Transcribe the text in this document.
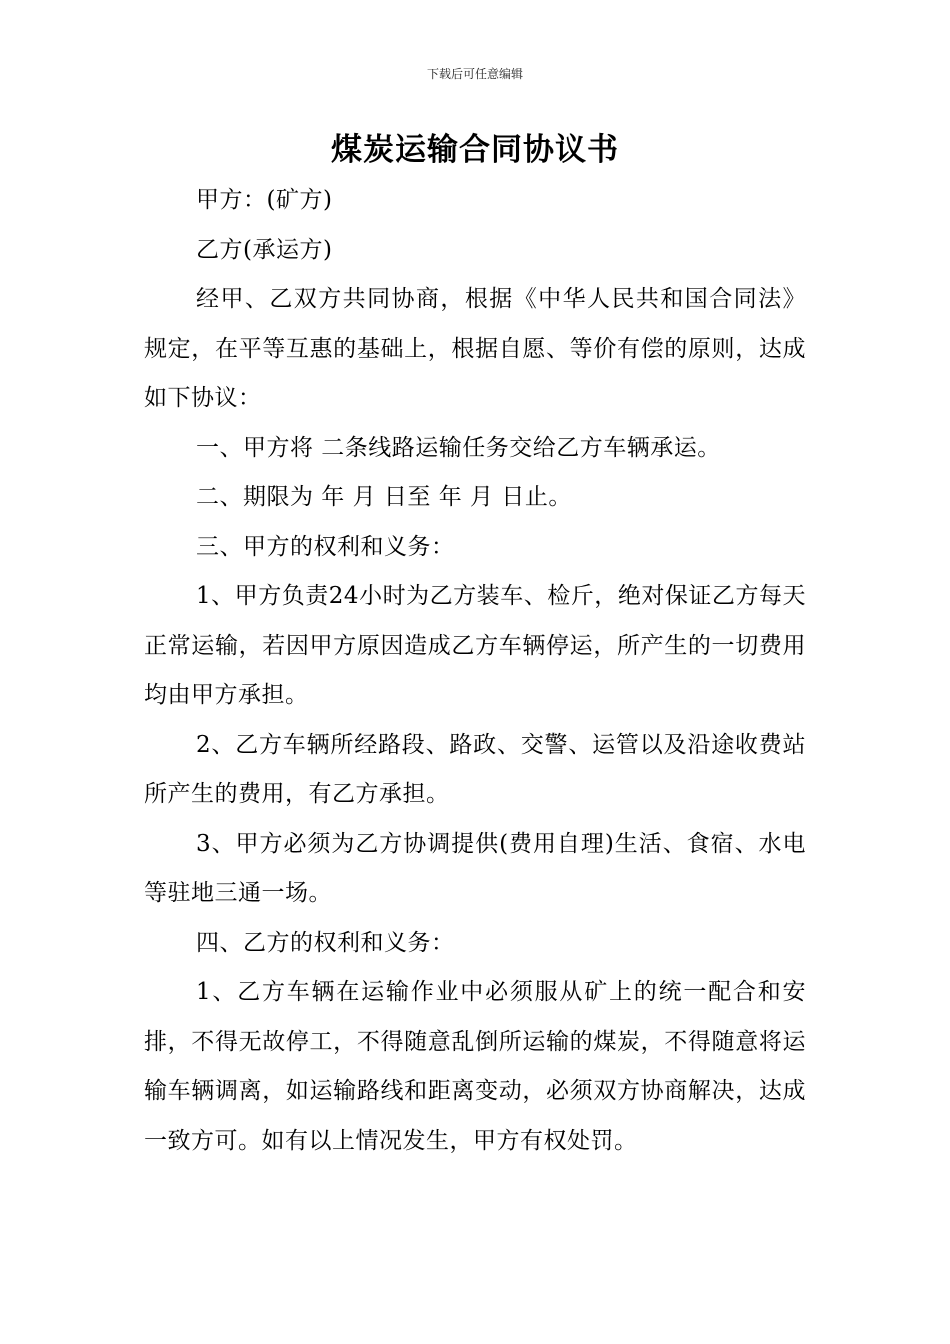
下载后可任意编辑
煤炭运输合同协议书

甲方：(矿方)

乙方(承运方)

经甲、乙双方共同协商，根据《中华人民共和国合同法》规定，在平等互惠的基础上，根据自愿、等价有偿的原则，达成如下协议：

一、甲方将 二条线路运输任务交给乙方车辆承运。

二、期限为 年 月 日至 年 月 日止。

三、甲方的权利和义务：

1、甲方负责24小时为乙方装车、检斤，绝对保证乙方每天正常运输，若因甲方原因造成乙方车辆停运，所产生的一切费用均由甲方承担。

2、乙方车辆所经路段、路政、交警、运管以及沿途收费站所产生的费用，有乙方承担。

3、甲方必须为乙方协调提供(费用自理)生活、食宿、水电等驻地三通一场。

四、乙方的权利和义务：

1、乙方车辆在运输作业中必须服从矿上的统一配合和安排，不得无故停工，不得随意乱倒所运输的煤炭，不得随意将运输车辆调离，如运输路线和距离变动，必须双方协商解决，达成一致方可。如有以上情况发生，甲方有权处罚。
